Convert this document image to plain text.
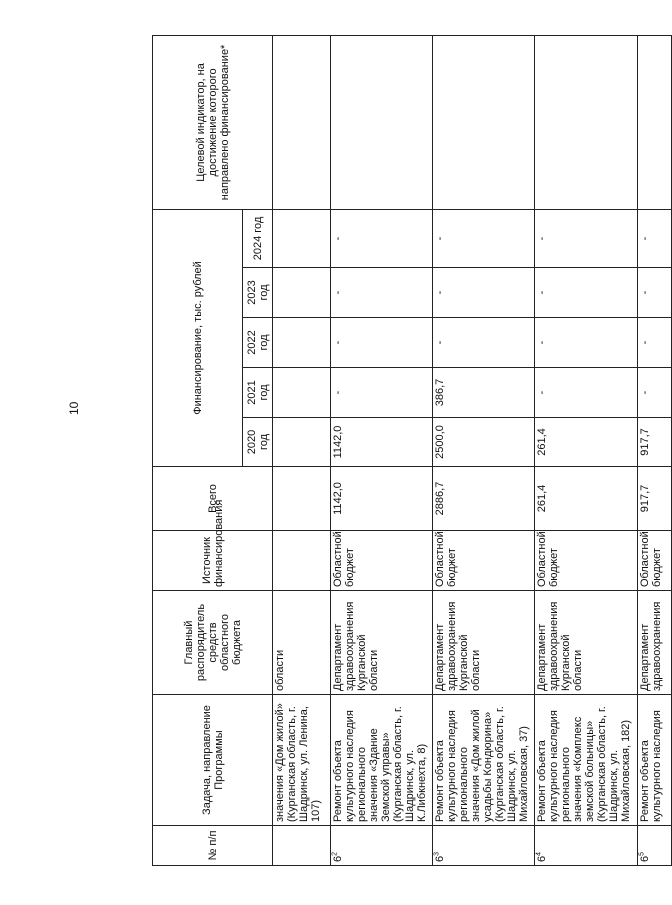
10
№ п/п	Задача, направление Программы	Главный распорядитель средств областного бюджета	Источник финансирования	Всего	Финансирование, тыс. рублей					Целевой индикатор, на достижение которого направлено финансирование*
					2020 год	2021 год	2022 год	2023 год	2024 год	
	значения «Дом жилой» (Курганская область, г. Шадринск, ул. Ленина, 107)	области								
$6^2$	Ремонт объекта культурного наследия регионального значения «Здание Земской управы» (Курганская область, г. Шадринск, ул. К.Либкнехта, 8)	Департамент здравоохранения Курганской области	Областной бюджет	1142,0	1142,0	-	-	-	-	
$6^3$	Ремонт объекта культурного наследия регионального значения «Дом жилой усадьбы Кондюрина» (Курганская область, г. Шадринск, ул. Михайловская, 37)	Департамент здравоохранения Курганской области	Областной бюджет	2886,7	2500,0	386,7	-	-	-	
$6^4$	Ремонт объекта культурного наследия регионального значения «Комплекс земской больницы» (Курганская область, г. Шадринск, ул. Михайловская, 182)	Департамент здравоохранения Курганской области	Областной бюджет	261,4	261,4	-	-	-	-	
$6^5$	Ремонт объекта культурного наследия	Департамент здравоохранения	Областной бюджет	917,7	917,7	-	-	-	-	
